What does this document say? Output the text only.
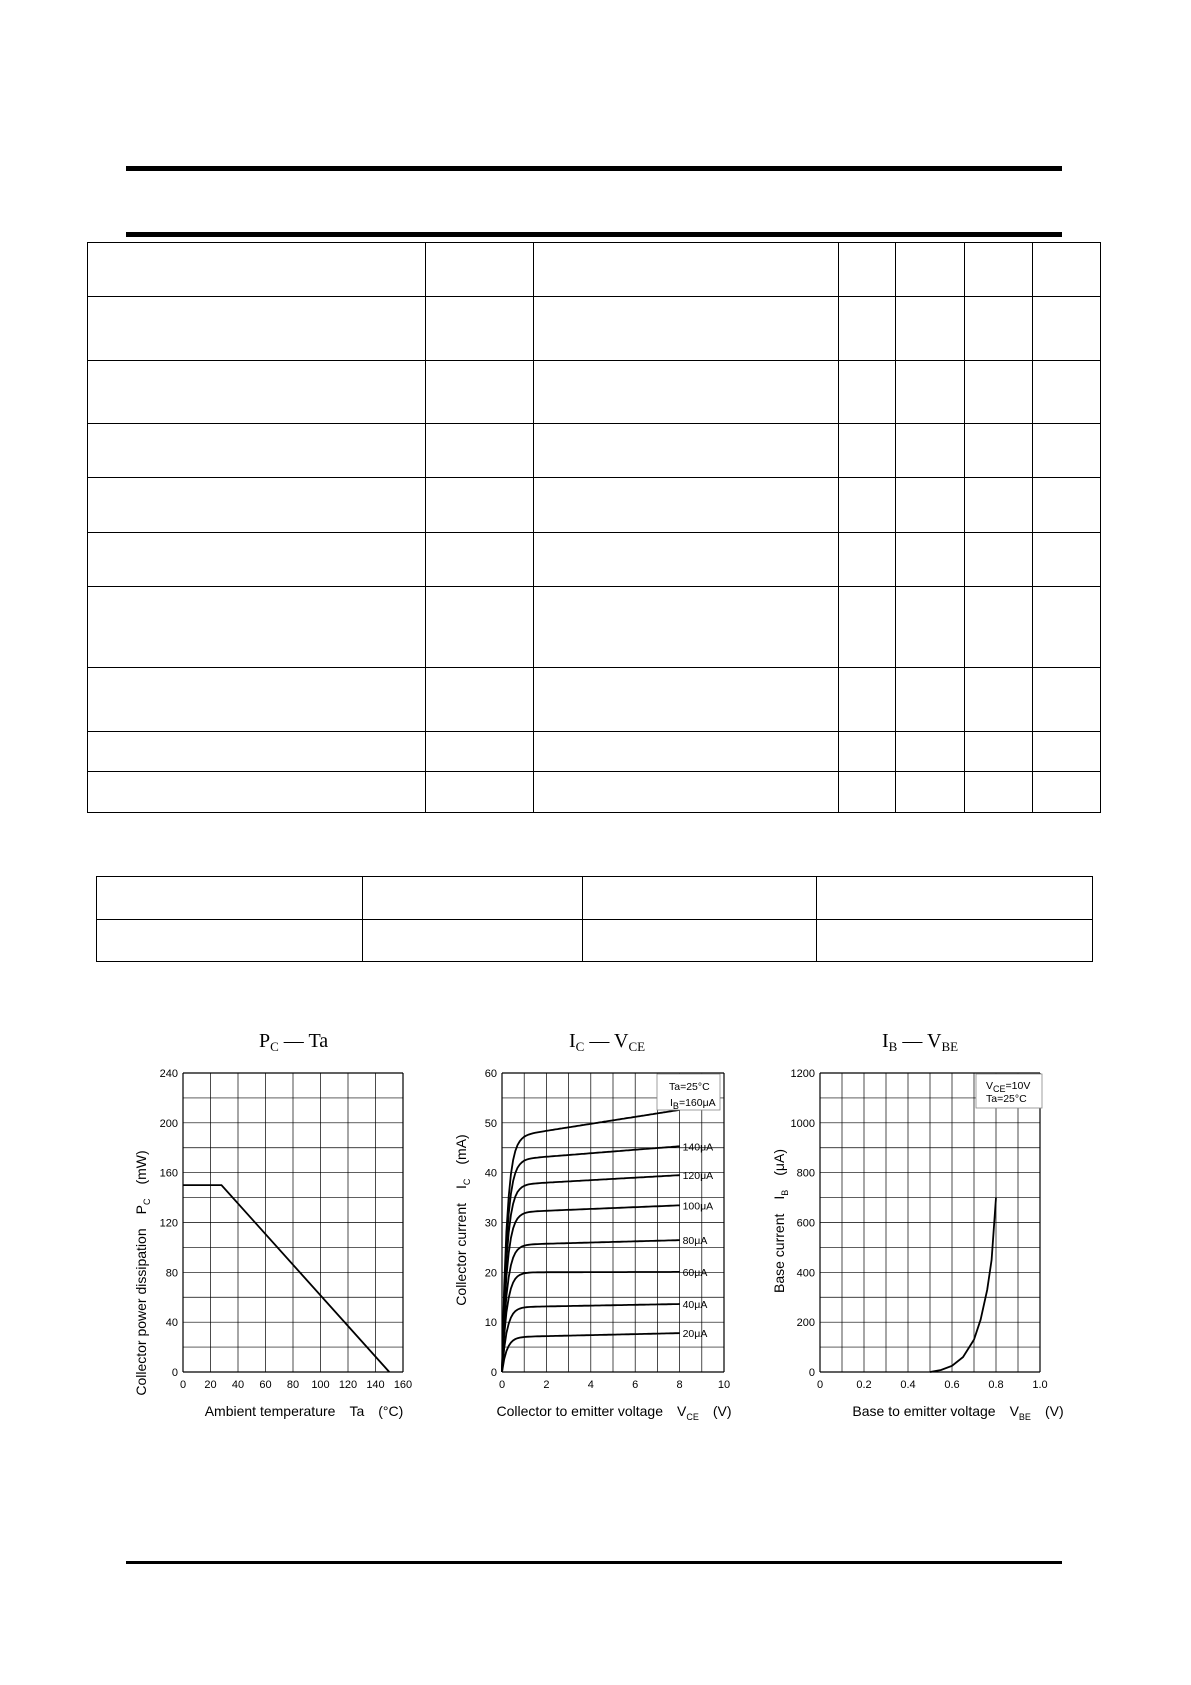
$P_C$ — Ta	$I_C$ — $V_{CE}$	$I_B$ — $V_{BE}$
0 20 40 60 80 100 120 140 160
0
40
80
120
160
200
240
Ambient temperature Ta (°C)
Collector power dissipationP$_C$(mW)
0	2	4	6	8	10
0
10
20
30
40
50
60
140μA
120μA
100μA
80μA
60μA
40μA
20μA
Ta=25°C
IB=160μA
Collector to emitter voltage $V_{CE}$ (V)
Collector currentI$_C$(mA)
0	0.2	0.4	0.6	0.8	1.0
0
200
400
600
800
1000
1200
VCE=10V
Ta=25°C
Base to emitter voltage $V_{BE}$ (V)
Base currentI$_B$(μA)
